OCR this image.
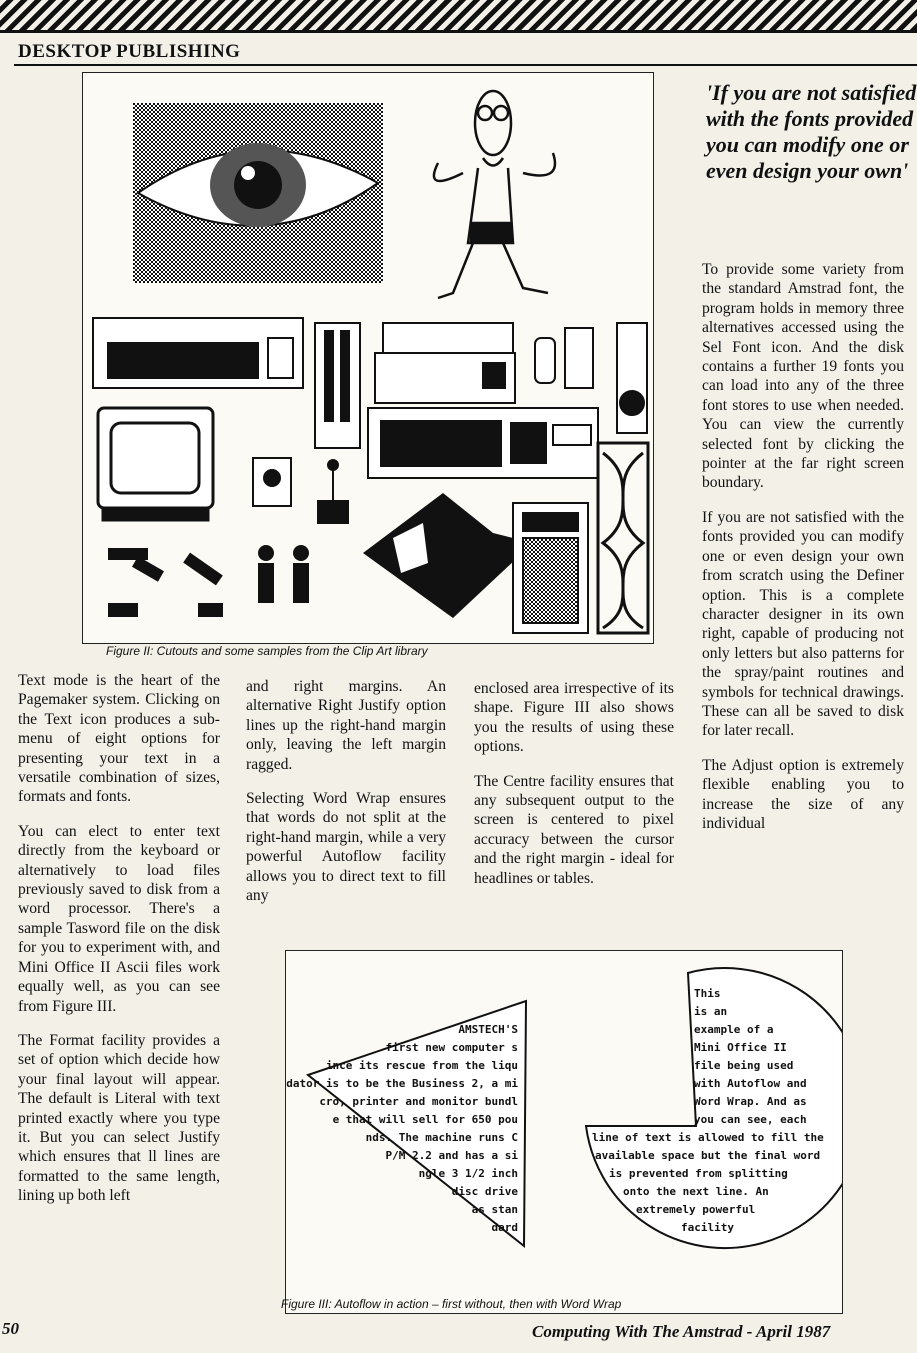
DESKTOP PUBLISHING
Figure II: Cutouts and some samples from the Clip Art library
'If you are not satisfied with the fonts provided you can modify one or even design your own'

Text mode is the heart of the Pagemaker system. Clicking on the Text icon produces a sub-menu of eight options for presenting your text in a versatile combination of sizes, formats and fonts.

You can elect to enter text directly from the keyboard or alternatively to load files previously saved to disk from a word processor. There's a sample Tasword file on the disk for you to experiment with, and Mini Office II Ascii files work equally well, as you can see from Figure III.

The Format facility provides a set of option which decide how your final layout will appear. The default is Literal with text printed exactly where you type it. But you can select Justify which ensures that ll lines are formatted to the same length, lining up both left

and right margins. An alternative Right Justify option lines up the right-hand margin only, leaving the left margin ragged.

Selecting Word Wrap ensures that words do not split at the right-hand margin, while a very powerful Autoflow facility allows you to direct text to fill any

enclosed area irrespective of its shape. Figure III also shows you the results of using these options.

The Centre facility ensures that any subsequent output to the screen is centered to pixel accuracy between the cursor and the right margin - ideal for headlines or tables.

To provide some variety from the standard Amstrad font, the program holds in memory three alternatives accessed using the Sel Font icon. And the disk contains a further 19 fonts you can load into any of the three font stores to use when needed. You can view the currently selected font by clicking the pointer at the far right screen boundary.

If you are not satisfied with the fonts provided you can modify one or even design your own from scratch using the Definer option. This is a complete character designer in its own right, capable of producing not only letters but also patterns for the spray/paint routines and symbols for technical drawings. These can all be saved to disk for later recall.

The Adjust option is extremely flexible enabling you to increase the size of any individual

AMSTECH'S
first new computer s
ince its rescue from the liqu
dator is to be the Business 2, a mi
cro, printer and monitor bundl
e that will sell for 650 pou
nds. The machine runs C
P/M 2.2 and has a si
ngle 3 1/2 inch
disc drive
as stan
dard
This
is an
example of a
Mini Office II
file being used
with Autoflow and
Word Wrap. And as
you can see, each
line of text is allowed to fill the
available space but the final word
is prevented from splitting
onto the next line. An
extremely powerful
facility
Figure III: Autoflow in action – first without, then with Word Wrap
50	Computing With The Amstrad - April 1987
